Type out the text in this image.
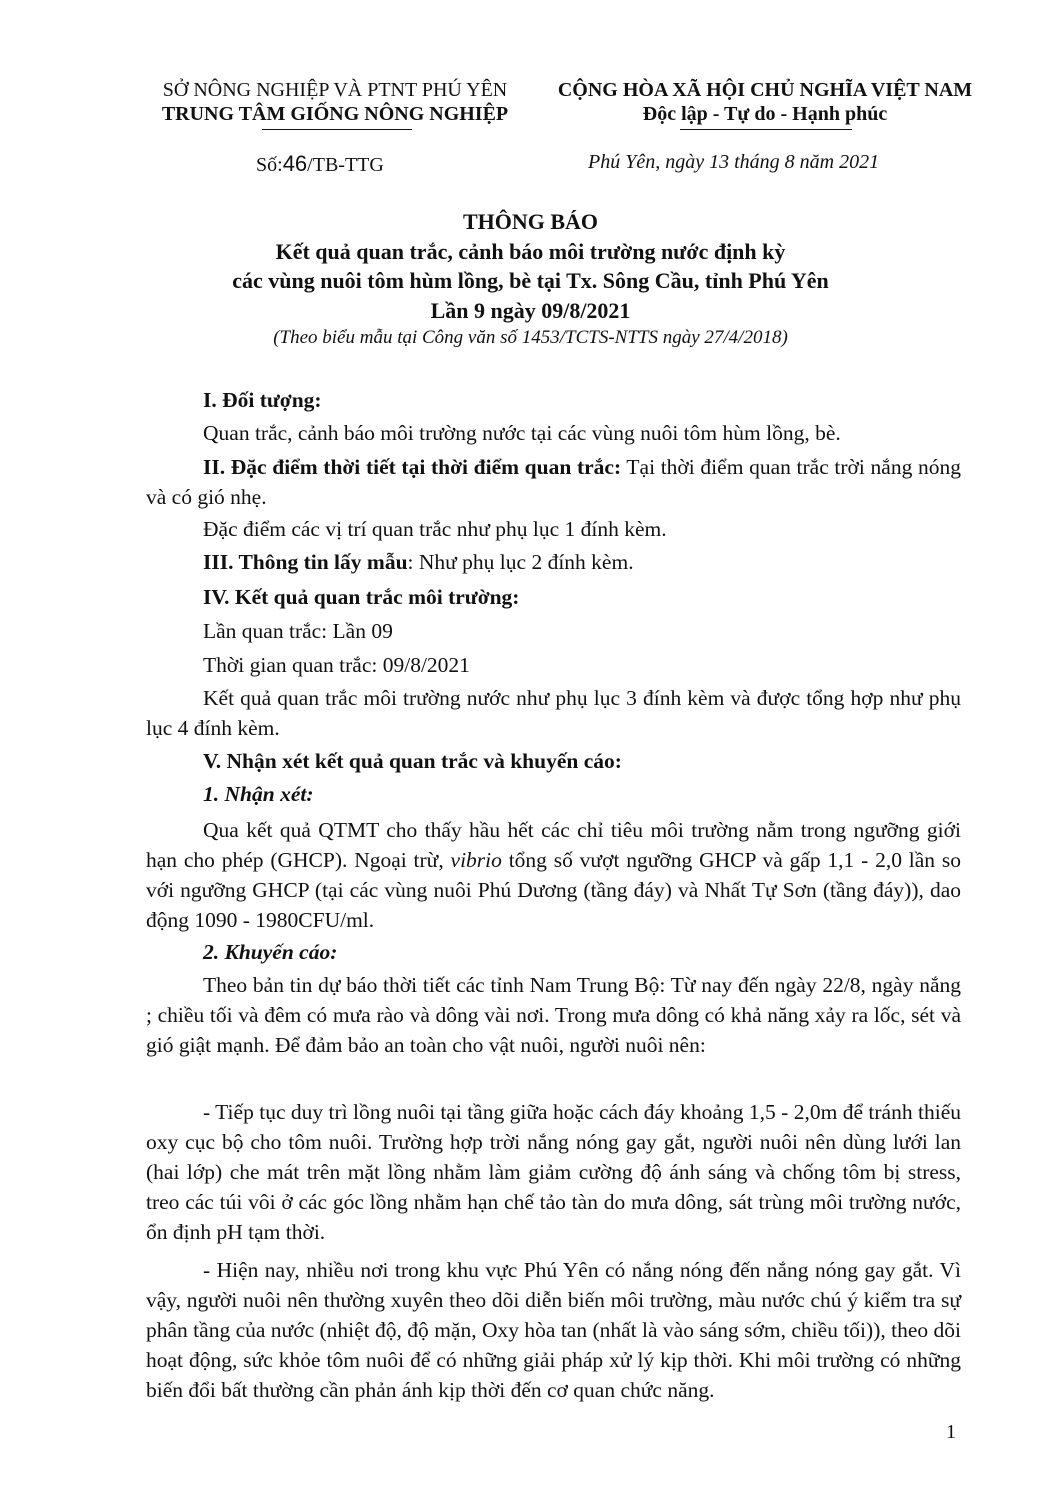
SỞ NÔNG NGHIỆP VÀ PTNT PHÚ YÊN
TRUNG TÂM GIỐNG NÔNG NGHIỆP
CỘNG HÒA XÃ HỘI CHỦ NGHĨA VIỆT NAM
Độc lập - Tự do - Hạnh phúc
Số:46/TB-TTG	Phú Yên, ngày 13 tháng 8 năm 2021
THÔNG BÁO
Kết quả quan trắc, cảnh báo môi trường nước định kỳ
các vùng nuôi tôm hùm lồng, bè tại Tx. Sông Cầu, tỉnh Phú Yên
Lần 9 ngày 09/8/2021
(Theo biểu mẫu tại Công văn số 1453/TCTS-NTTS ngày 27/4/2018)
I. Đối tượng:
Quan trắc, cảnh báo môi trường nước tại các vùng nuôi tôm hùm lồng, bè.
II. Đặc điểm thời tiết tại thời điểm quan trắc: Tại thời điểm quan trắc trời nắng nóng và có gió nhẹ.
Đặc điểm các vị trí quan trắc như phụ lục 1 đính kèm.
III. Thông tin lấy mẫu: Như phụ lục 2 đính kèm.
IV. Kết quả quan trắc môi trường:
Lần quan trắc: Lần 09
Thời gian quan trắc: 09/8/2021
Kết quả quan trắc môi trường nước như phụ lục 3 đính kèm và được tổng hợp như phụ lục 4 đính kèm.
V. Nhận xét kết quả quan trắc và khuyến cáo:
1. Nhận xét:
Qua kết quả QTMT cho thấy hầu hết các chỉ tiêu môi trường nằm trong ngưỡng giới hạn cho phép (GHCP). Ngoại trừ, vibrio tổng số vượt ngưỡng GHCP và gấp 1,1 - 2,0 lần so với ngưỡng GHCP (tại các vùng nuôi Phú Dương (tầng đáy) và Nhất Tự Sơn (tầng đáy)), dao động 1090 - 1980CFU/ml.
2. Khuyến cáo:
Theo bản tin dự báo thời tiết các tỉnh Nam Trung Bộ: Từ nay đến ngày 22/8, ngày nắng ; chiều tối và đêm có mưa rào và dông vài nơi. Trong mưa dông có khả năng xảy ra lốc, sét và gió giật mạnh. Để đảm bảo an toàn cho vật nuôi, người nuôi nên:
- Tiếp tục duy trì lồng nuôi tại tầng giữa hoặc cách đáy khoảng 1,5 - 2,0m để tránh thiếu oxy cục bộ cho tôm nuôi. Trường hợp trời nắng nóng gay gắt, người nuôi nên dùng lưới lan (hai lớp) che mát trên mặt lồng nhằm làm giảm cường độ ánh sáng và chống tôm bị stress, treo các túi vôi ở các góc lồng nhằm hạn chế tảo tàn do mưa dông, sát trùng môi trường nước, ổn định pH tạm thời.
- Hiện nay, nhiều nơi trong khu vực Phú Yên có nắng nóng đến nắng nóng gay gắt. Vì vậy, người nuôi nên thường xuyên theo dõi diễn biến môi trường, màu nước chú ý kiểm tra sự phân tầng của nước (nhiệt độ, độ mặn, Oxy hòa tan (nhất là vào sáng sớm, chiều tối)), theo dõi hoạt động, sức khỏe tôm nuôi để có những giải pháp xử lý kịp thời. Khi môi trường có những biến đổi bất thường cần phản ánh kịp thời đến cơ quan chức năng.
1
